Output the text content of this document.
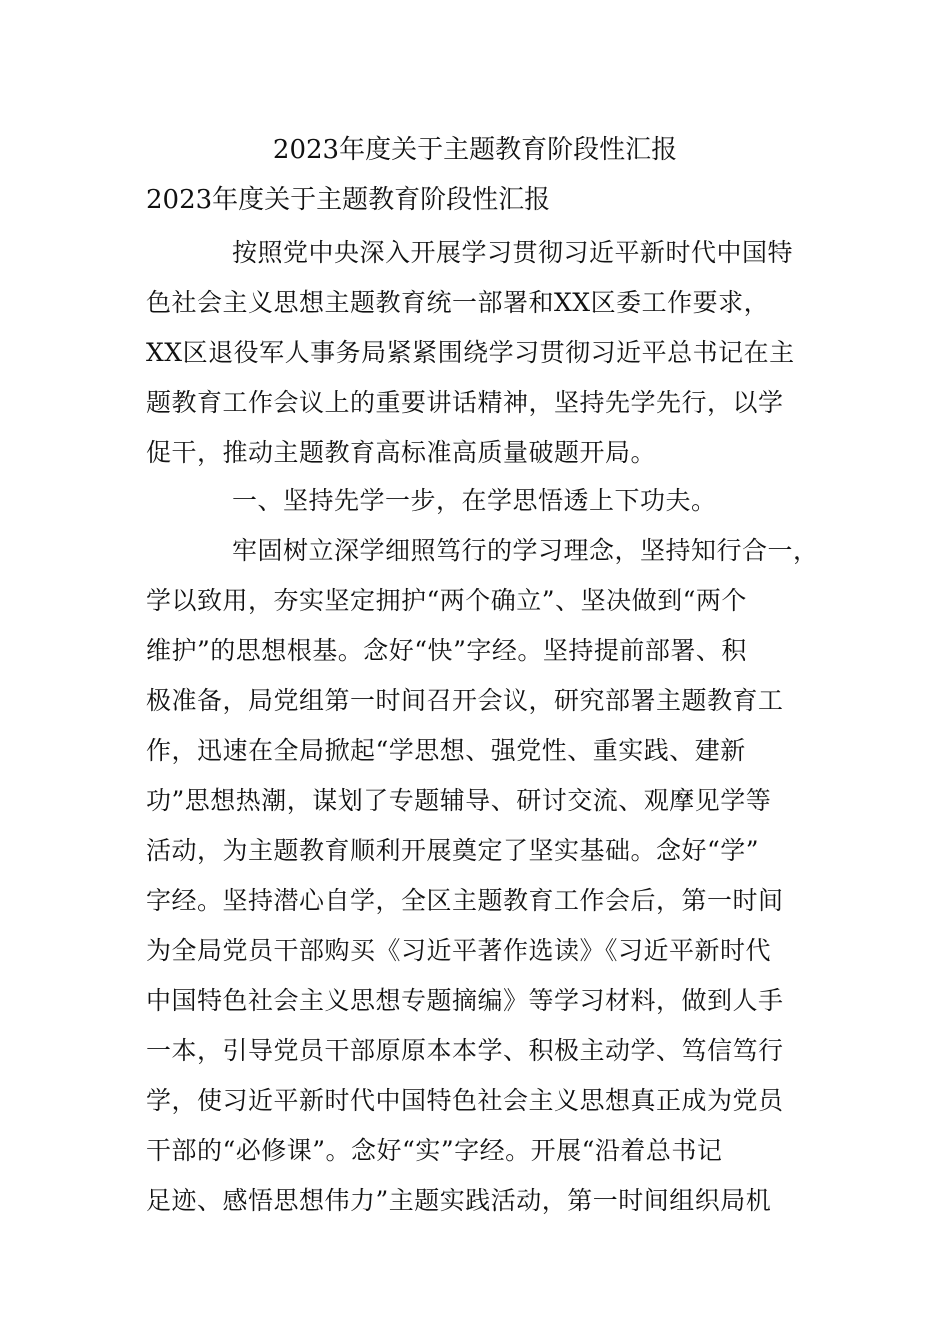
2023年度关于主题教育阶段性汇报
2023年度关于主题教育阶段性汇报
按照党中央深入开展学习贯彻习近平新时代中国特
色社会主义思想主题教育统一部署和XX区委工作要求，
XX区退役军人事务局紧紧围绕学习贯彻习近平总书记在主
题教育工作会议上的重要讲话精神，坚持先学先行，以学
促干，推动主题教育高标准高质量破题开局。
一、坚持先学一步，在学思悟透上下功夫。
牢固树立深学细照笃行的学习理念，坚持知行合一，
学以致用，夯实坚定拥护“两个确立”、坚决做到“两个
维护”的思想根基。念好“快”字经。坚持提前部署、积
极准备，局党组第一时间召开会议，研究部署主题教育工
作，迅速在全局掀起“学思想、强党性、重实践、建新
功”思想热潮，谋划了专题辅导、研讨交流、观摩见学等
活动，为主题教育顺利开展奠定了坚实基础。念好“学”
字经。坚持潜心自学，全区主题教育工作会后，第一时间
为全局党员干部购买《习近平著作选读》《习近平新时代
中国特色社会主义思想专题摘编》等学习材料，做到人手
一本，引导党员干部原原本本学、积极主动学、笃信笃行
学，使习近平新时代中国特色社会主义思想真正成为党员
干部的“必修课”。念好“实”字经。开展“沿着总书记
足迹、感悟思想伟力”主题实践活动，第一时间组织局机
